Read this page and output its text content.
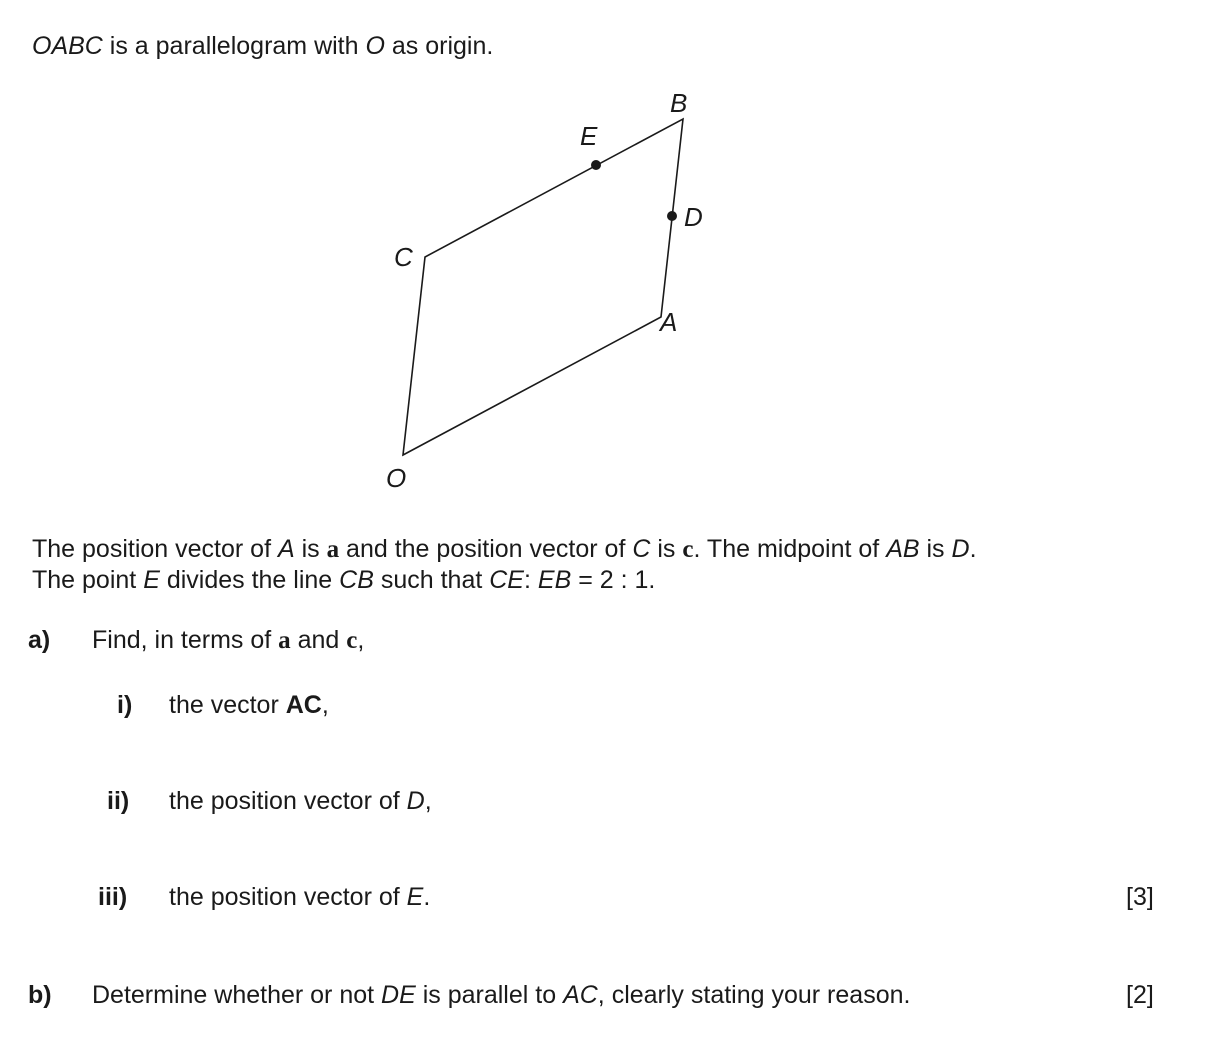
OABC is a parallelogram with O as origin.
O
A
B
C
D
E
The position vector of A is a and the position vector of C is c. The midpoint of AB is D.
The point E divides the line CB such that CE: EB = 2 : 1.
a) Find, in terms of a and c,
i) the vector AC,
ii) the position vector of D,
iii) the position vector of E.	[3]
b) Determine whether or not DE is parallel to AC, clearly stating your reason.	[2]
